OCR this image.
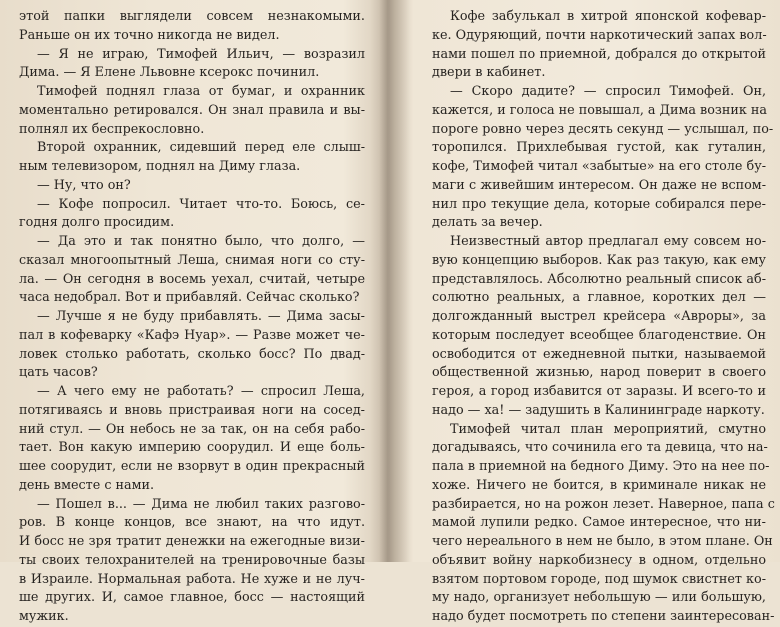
этой папки выглядели совсем незнакомыми.
Раньше он их точно никогда не видел.
— Я не играю, Тимофей Ильич, — возразил
Дима. — Я Елене Львовне ксерокс починил.
Тимофей поднял глаза от бумаг, и охранник
моментально ретировался. Он знал правила и вы-
полнял их беспрекословно.
Второй охранник, сидевший перед еле слыш-
ным телевизором, поднял на Диму глаза.
— Ну, что он?
— Кофе попросил. Читает что-то. Боюсь, се-
годня долго просидим.
— Да это и так понятно было, что долго, —
сказал многоопытный Леша, снимая ноги со сту-
ла. — Он сегодня в восемь уехал, считай, четыре
часа недобрал. Вот и прибавляй. Сейчас сколько?
— Лучше я не буду прибавлять. — Дима засы-
пал в кофеварку «Кафэ Нуар». — Разве может че-
ловек столько работать, сколько босс? По двад-
цать часов?
— А чего ему не работать? — спросил Леша,
потягиваясь и вновь пристраивая ноги на сосед-
ний стул. — Он небось не за так, он на себя рабо-
тает. Вон какую империю соорудил. И еще боль-
шее соорудит, если не взорвут в один прекрасный
день вместе с нами.
— Пошел в... — Дима не любил таких разгово-
ров. В конце концов, все знают, на что идут.
И босс не зря тратит денежки на ежегодные визи-
ты своих телохранителей на тренировочные базы
в Израиле. Нормальная работа. Не хуже и не луч-
ше других. И, самое главное, босс — настоящий
мужик.
Кофе забулькал в хитрой японской кофевар-
ке. Одуряющий, почти наркотический запах вол-
нами пошел по приемной, добрался до открытой
двери в кабинет.
— Скоро дадите? — спросил Тимофей. Он,
кажется, и голоса не повышал, а Дима возник на
пороге ровно через десять секунд — услышал, по-
торопился. Прихлебывая густой, как гуталин,
кофе, Тимофей читал «забытые» на его столе бу-
маги с живейшим интересом. Он даже не вспом-
нил про текущие дела, которые собирался пере-
делать за вечер.
Неизвестный автор предлагал ему совсем но-
вую концепцию выборов. Как раз такую, как ему
представлялось. Абсолютно реальный список аб-
солютно реальных, а главное, коротких дел —
долгожданный выстрел крейсера «Авроры», за
которым последует всеобщее благоденствие. Он
освободится от ежедневной пытки, называемой
общественной жизнью, народ поверит в своего
героя, а город избавится от заразы. И всего-то и
надо — ха! — задушить в Калининграде наркоту.
Тимофей читал план мероприятий, смутно
догадываясь, что сочинила его та девица, что на-
пала в приемной на бедного Диму. Это на нее по-
хоже. Ничего не боится, в криминале никак не
разбирается, но на рожон лезет. Наверное, папа с
мамой лупили редко. Самое интересное, что ни-
чего нереального в нем не было, в этом плане. Он
объявит войну наркобизнесу в одном, отдельно
взятом портовом городе, под шумок свистнет ко-
му надо, организует небольшую — или большую,
надо будет посмотреть по степени заинтересован-
